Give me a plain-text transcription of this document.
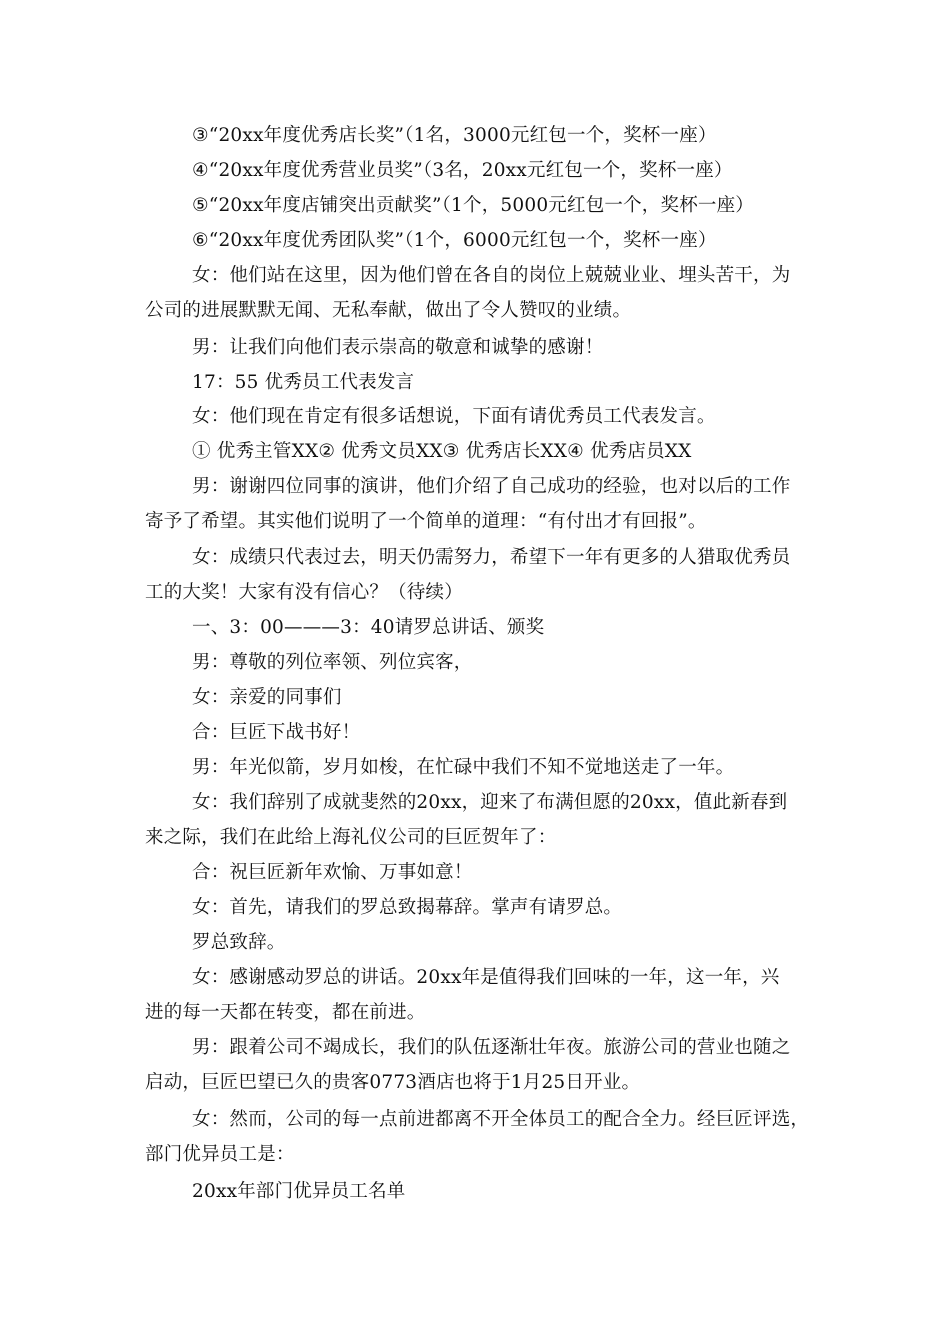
③“20xx年度优秀店长奖”（1名，3000元红包一个，奖杯一座）
④“20xx年度优秀营业员奖”（3名，20xx元红包一个，奖杯一座）
⑤“20xx年度店铺突出贡献奖”（1个，5000元红包一个，奖杯一座）
⑥“20xx年度优秀团队奖”（1个，6000元红包一个，奖杯一座）
女：他们站在这里，因为他们曾在各自的岗位上兢兢业业、埋头苦干，为
公司的进展默默无闻、无私奉献，做出了令人赞叹的业绩。
男：让我们向他们表示崇高的敬意和诚挚的感谢！
17：55 优秀员工代表发言
女：他们现在肯定有很多话想说，下面有请优秀员工代表发言。
① 优秀主管XX② 优秀文员XX③ 优秀店长XX④ 优秀店员XX
男：谢谢四位同事的演讲，他们介绍了自己成功的经验，也对以后的工作
寄予了希望。其实他们说明了一个简单的道理：“有付出才有回报”。
女：成绩只代表过去，明天仍需努力，希望下一年有更多的人猎取优秀员
工的大奖！大家有没有信心？（待续）
一、3：00———3：40请罗总讲话、颁奖
男：尊敬的列位率领、列位宾客，
女：亲爱的同事们
合：巨匠下战书好！
男：年光似箭，岁月如梭，在忙碌中我们不知不觉地送走了一年。
女：我们辞别了成就斐然的20xx，迎来了布满但愿的20xx，值此新春到
来之际，我们在此给上海礼仪公司的巨匠贺年了：
合：祝巨匠新年欢愉、万事如意！
女：首先，请我们的罗总致揭幕辞。掌声有请罗总。
罗总致辞。
女：感谢感动罗总的讲话。20xx年是值得我们回味的一年，这一年，兴
进的每一天都在转变，都在前进。
男：跟着公司不竭成长，我们的队伍逐渐壮年夜。旅游公司的营业也随之
启动，巨匠巴望已久的贵客0773酒店也将于1月25日开业。
女：然而，公司的每一点前进都离不开全体员工的配合全力。经巨匠评选，
部门优异员工是：
20xx年部门优异员工名单
